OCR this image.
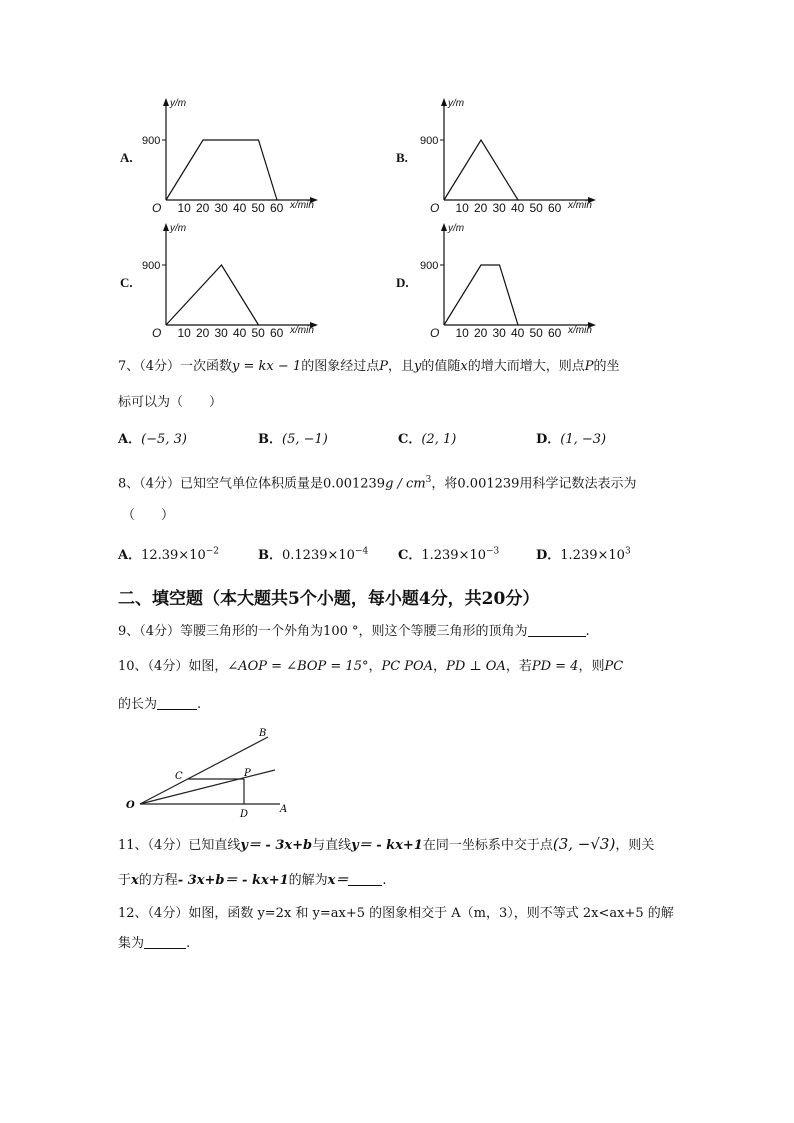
A.
y/m
900
O 10 20 30 40 50 60 x/min
B.
y/m
900
O 10 20 30 40 50 60 x/min
C.
y/m
900
O 10 20 30 40 50 60 x/min
D.
y/m
900
O 10 20 30 40 50 60 x/min
7、（4分）一次函数y = kx − 1的图象经过点P，且y的值随x的增大而增大，则点P的坐
标可以为（　　）
A．(−5, 3)	B．(5, −1)	C．(2, 1)	D．(1, −3)
8、（4分）已知空气单位体积质量是$0.001239g / cm^3$，将0.001239用科学记数法表示为
（　　）
A．$12.39\times 10^{-2}$	B．$0.1239\times 10^{-4}$ C．$1.239\times 10^{-3}$	D．$1.239\times 10^3$
二、填空题（本大题共5个小题，每小题4分，共20分）
9、（4分）等腰三角形的一个外角为100 °，则这个等腰三角形的顶角为	.
10、（4分）如图，∠AOP = ∠BOP = 15°，PC POA，PD ⊥ OA，若PD = 4，则PC
的长为	.
B
C	P
O
D	A
11、（4分）已知直线y＝ - 3x+b与直线y＝ - kx+1在同一坐标系中交于点(3, −√3)，则关
于x的方程- 3x+b＝ - kx+1的解为x＝	.
12、（4分）如图，函数 y=2x 和 y=ax+5 的图象相交于 A（m，3），则不等式 2x<ax+5 的解
集为	.
